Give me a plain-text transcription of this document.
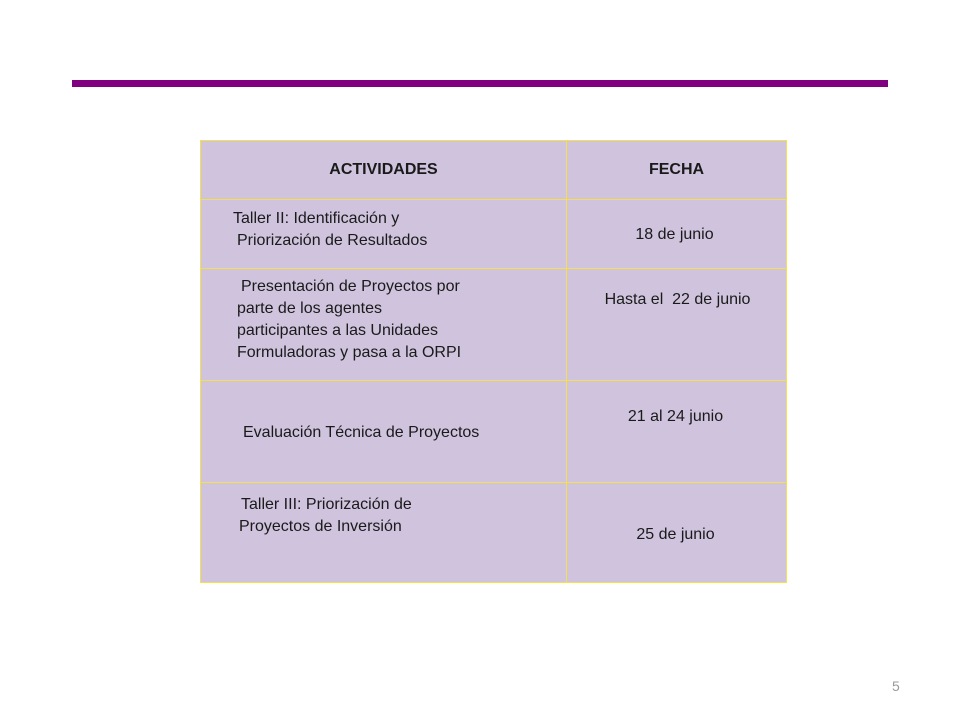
ACTIVIDADES	FECHA

Taller II: Identificación y
Priorización de Resultados	18 de junio

Presentación de Proyectos por
parte de los agentes
participantes a las Unidades
Formuladoras y pasa a la ORPI	Hasta el  22 de junio

Evaluación Técnica de Proyectos	21 al 24 junio

Taller III: Priorización de
Proyectos de Inversión	25 de junio
5
